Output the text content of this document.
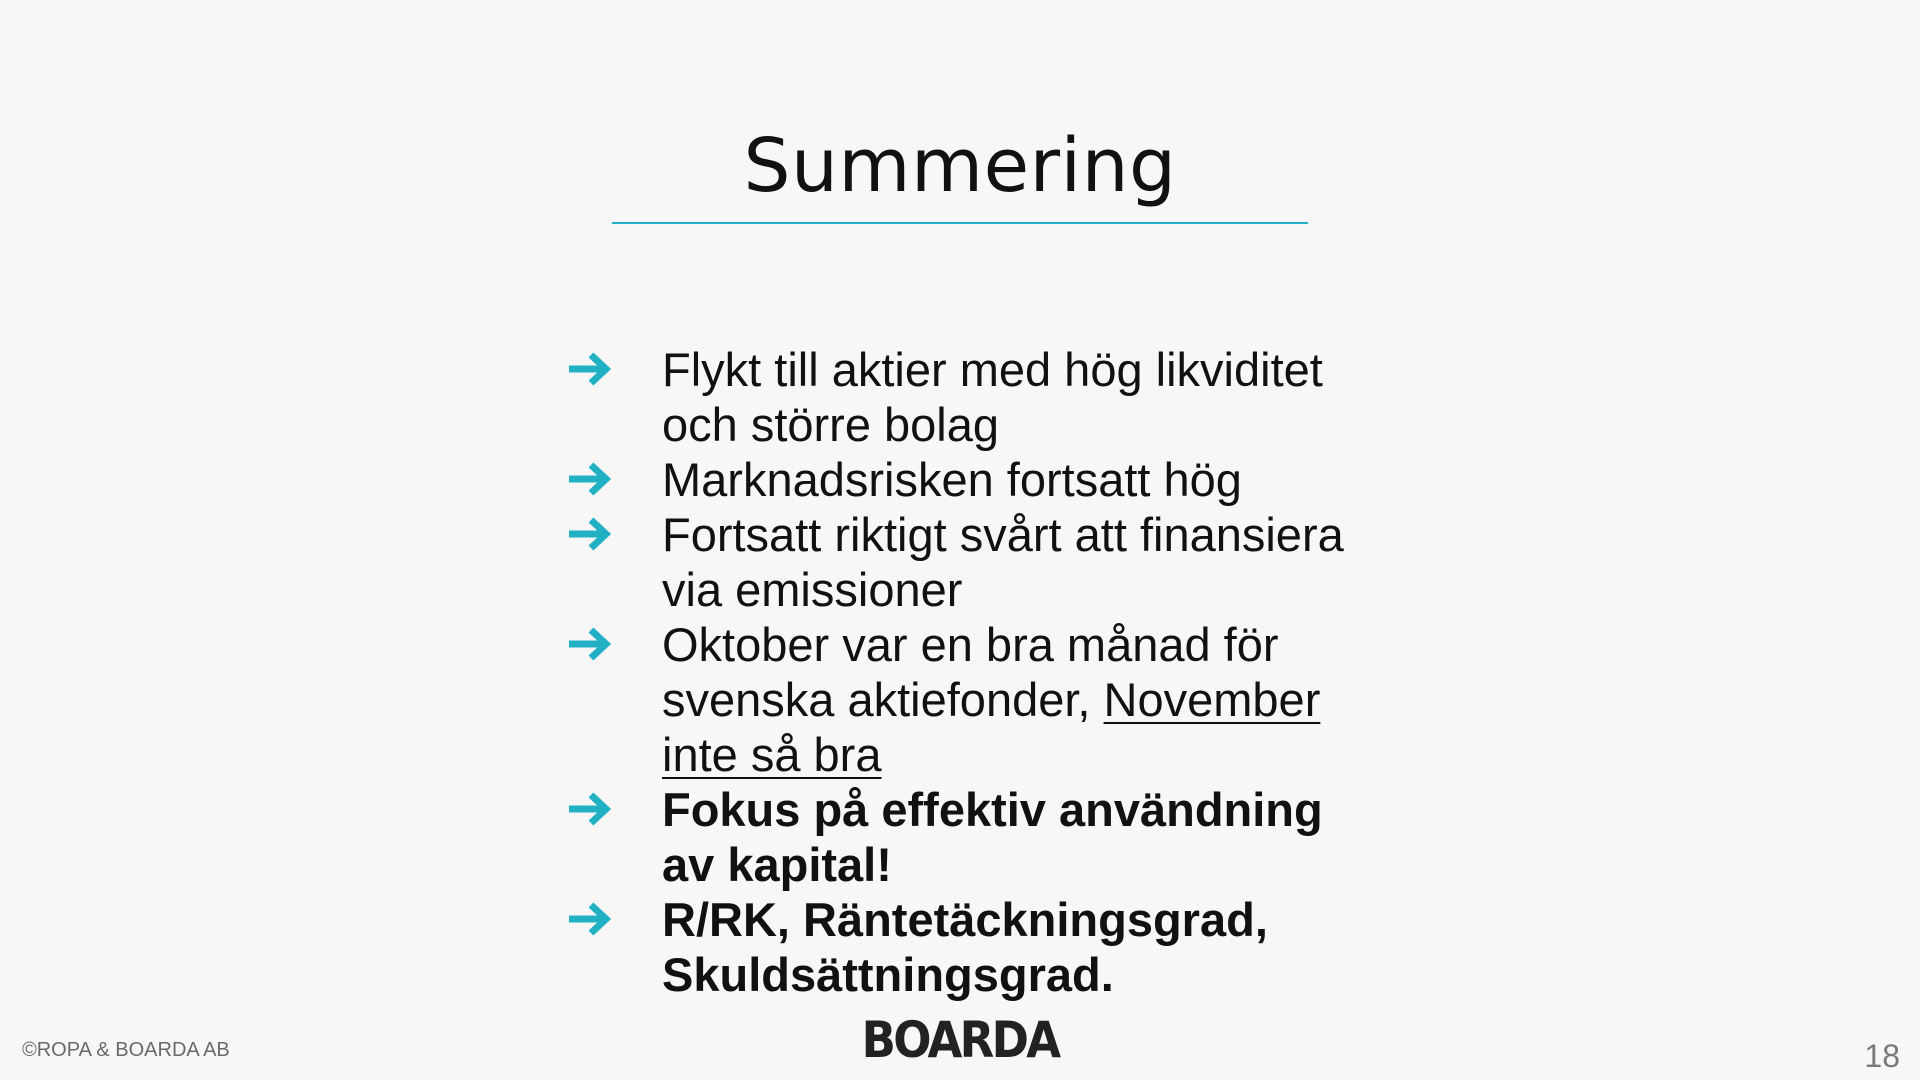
Summering
Flykt till aktier med hög likviditet och större bolag
Marknadsrisken fortsatt hög
Fortsatt riktigt svårt att finansiera via emissioner
Oktober var en bra månad för svenska aktiefonder, November inte så bra
Fokus på effektiv användning av kapital!
R/RK, Räntetäckningsgrad, Skuldsättningsgrad.
©ROPA & BOARDA AB	BOARDA	18
